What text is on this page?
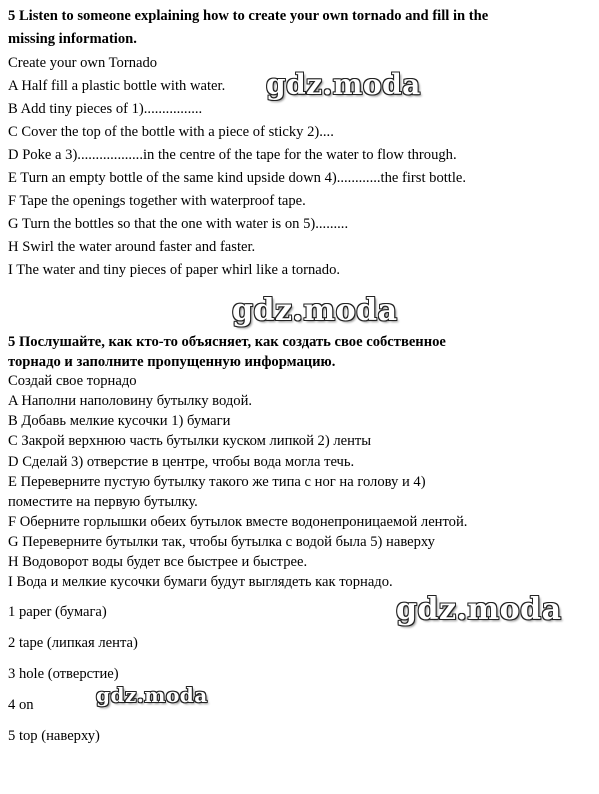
5 Listen to someone explaining how to create your own tornado and fill in the
missing information.
Create your own Tornado
A Half fill a plastic bottle with water.
B Add tiny pieces of 1)................
C Cover the top of the bottle with a piece of sticky 2)....
D Poke a 3)..................in the centre of the tape for the water to flow through.
E Turn an empty bottle of the same kind upside down 4)............the first bottle.
F Tape the openings together with waterproof tape.
G Turn the bottles so that the one with water is on 5).........
H Swirl the water around faster and faster.
I The water and tiny pieces of paper whirl like a tornado.
5 Послушайте, как кто-то объясняет, как создать свое собственное
торнадо и заполните пропущенную информацию.
Создай свое торнадо
A Наполни наполовину бутылку водой.
B Добавь мелкие кусочки 1) бумаги
C Закрой верхнюю часть бутылки куском липкой 2) ленты
D Сделай 3) отверстие в центре, чтобы вода могла течь.
E Переверните пустую бутылку такого же типа с ног на голову и 4)
поместите на первую бутылку.
F Оберните горлышки обеих бутылок вместе водонепроницаемой лентой.
G Переверните бутылки так, чтобы бутылка с водой была 5) наверху
H Водоворот воды будет все быстрее и быстрее.
I Вода и мелкие кусочки бумаги будут выглядеть как торнадо.
1 paper (бумага)
2 tape (липкая лента)
3 hole (отверстие)
4 on
5 top (наверху)
gdz.moda
gdz.moda
gdz.moda
gdz.moda
